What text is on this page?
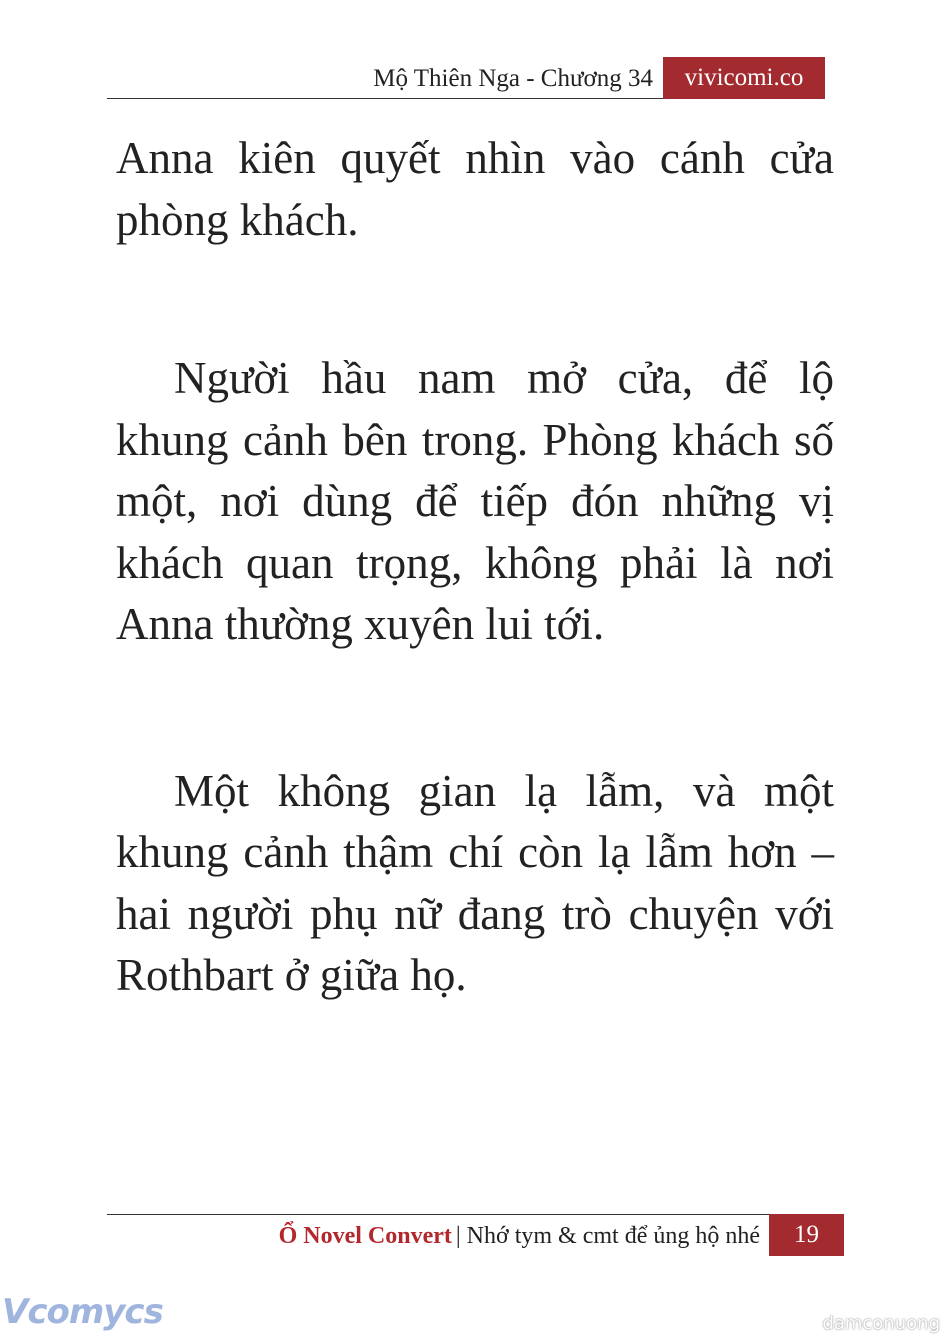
Mộ Thiên Nga - Chương 34	vivicomi.co

Anna kiên quyết nhìn vào cánh cửa phòng khách.

Người hầu nam mở cửa, để lộ khung cảnh bên trong. Phòng khách số một, nơi dùng để tiếp đón những vị khách quan trọng, không phải là nơi Anna thường xuyên lui tới.

Một không gian lạ lẫm, và một khung cảnh thậm chí còn lạ lẫm hơn – hai người phụ nữ đang trò chuyện với Rothbart ở giữa họ.

Ổ Novel Convert | Nhớ tym & cmt để ủng hộ nhé	19
Vcomycs	damconuong
